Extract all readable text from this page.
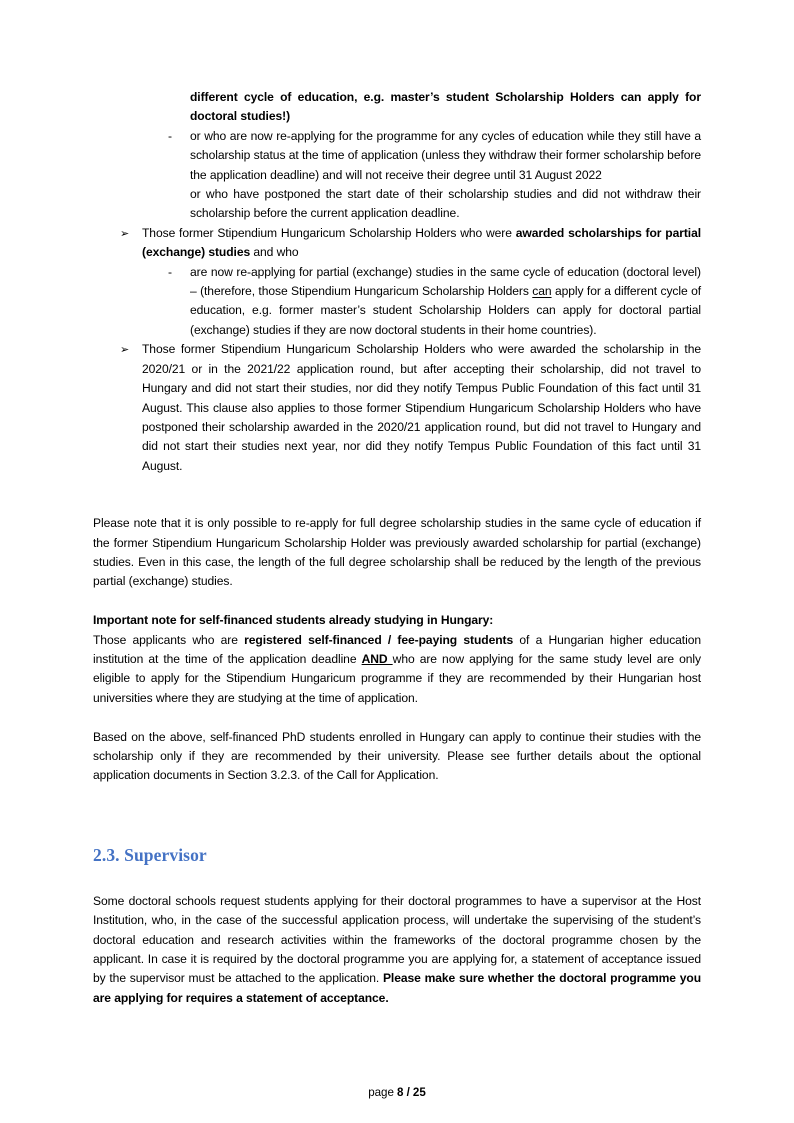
different cycle of education, e.g. master’s student Scholarship Holders can apply for doctoral studies!)
-	or who are now re-applying for the programme for any cycles of education while they still have a scholarship status at the time of application (unless they withdraw their former scholarship before the application deadline) and will not receive their degree until 31 August 2022
or who have postponed the start date of their scholarship studies and did not withdraw their scholarship before the current application deadline.
➢	Those former Stipendium Hungaricum Scholarship Holders who were awarded scholarships for partial (exchange) studies and who
-	are now re-applying for partial (exchange) studies in the same cycle of education (doctoral level) – (therefore, those Stipendium Hungaricum Scholarship Holders can apply for a different cycle of education, e.g. former master’s student Scholarship Holders can apply for doctoral partial (exchange) studies if they are now doctoral students in their home countries).
➢	Those former Stipendium Hungaricum Scholarship Holders who were awarded the scholarship in the 2020/21 or in the 2021/22 application round, but after accepting their scholarship, did not travel to Hungary and did not start their studies, nor did they notify Tempus Public Foundation of this fact until 31 August. This clause also applies to those former Stipendium Hungaricum Scholarship Holders who have postponed their scholarship awarded in the 2020/21 application round, but did not travel to Hungary and did not start their studies next year, nor did they notify Tempus Public Foundation of this fact until 31 August.

Please note that it is only possible to re-apply for full degree scholarship studies in the same cycle of education if the former Stipendium Hungaricum Scholarship Holder was previously awarded scholarship for partial (exchange) studies. Even in this case, the length of the full degree scholarship shall be reduced by the length of the previous partial (exchange) studies.

Important note for self-financed students already studying in Hungary:

Those applicants who are registered self-financed / fee-paying students of a Hungarian higher education institution at the time of the application deadline AND who are now applying for the same study level are only eligible to apply for the Stipendium Hungaricum programme if they are recommended by their Hungarian host universities where they are studying at the time of application.

Based on the above, self-financed PhD students enrolled in Hungary can apply to continue their studies with the scholarship only if they are recommended by their university. Please see further details about the optional application documents in Section 3.2.3. of the Call for Application.

2.3. Supervisor

Some doctoral schools request students applying for their doctoral programmes to have a supervisor at the Host Institution, who, in the case of the successful application process, will undertake the supervising of the student’s doctoral education and research activities within the frameworks of the doctoral programme chosen by the applicant. In case it is required by the doctoral programme you are applying for, a statement of acceptance issued by the supervisor must be attached to the application. Please make sure whether the doctoral programme you are applying for requires a statement of acceptance.

page 8 / 25
